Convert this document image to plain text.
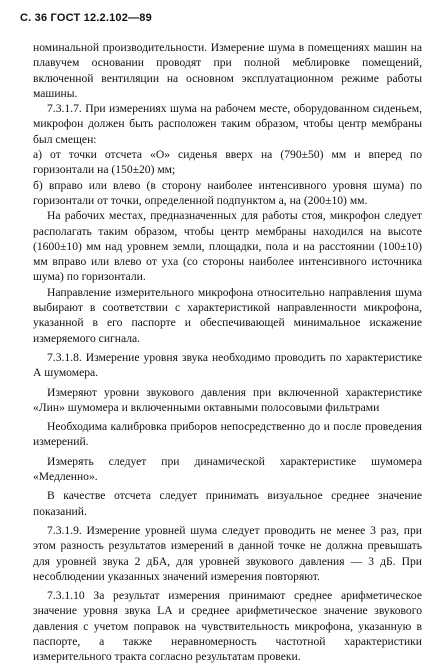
С. 36 ГОСТ 12.2.102—89

номинальной производительности. Измерение шума в помещениях машин на плавучем основании проводят при полной меблировке помещений, включенной вентиляции на основном эксплуатационном режиме работы машины.

7.3.1.7. При измерениях шума на рабочем месте, оборудованном сиденьем, микрофон должен быть расположен таким образом, чтобы центр мембраны был смещен:

а) от точки отсчета «О» сиденья вверх на (790±50) мм и вперед по горизонтали на (150±20) мм;

б) вправо или влево (в сторону наиболее интенсивного уровня шума) по горизонтали от точки, определенной подпунктом а, на (200±10) мм.

На рабочих местах, предназначенных для работы стоя, микрофон следует располагать таким образом, чтобы центр мембраны находился на высоте (1600±10) мм над уровнем земли, площадки, пола и на расстоянии (100±10) мм вправо или влево от уха (со стороны наиболее интенсивного источника шума) по горизонтали.

Направление измерительного микрофона относительно направления шума выбирают в соответствии с характеристикой направленности микрофона, указанной в его паспорте и обеспечивающей минимальное искажение измеряемого сигнала.

7.3.1.8. Измерение уровня звука необходимо проводить по характеристике А шумомера.

Измеряют уровни звукового давления при включенной характеристике «Лин» шумомера и включенными октавными полосовыми фильтрами

Необходима калибровка приборов непосредственно до и после проведения измерений.

Измерять следует при динамической характеристике шумомера «Медленно».

В качестве отсчета следует принимать визуальное среднее значение показаний.

7.3.1.9. Измерение уровней шума следует проводить не менее 3 раз, при этом разность результатов измерений в данной точке не должна превышать для уровней звука 2 дБА, для уровней звукового давления — 3 дБ. При несоблюдении указанных значений измерения повторяют.

7.3.1.10 За результат измерения принимают среднее арифметическое значение уровня звука LA и среднее арифметическое значение звукового давления с учетом поправок на чувствительность микрофона, указанную в паспорте, а также неравномерность частотной характеристики измерительного тракта согласно результатам провеки.
